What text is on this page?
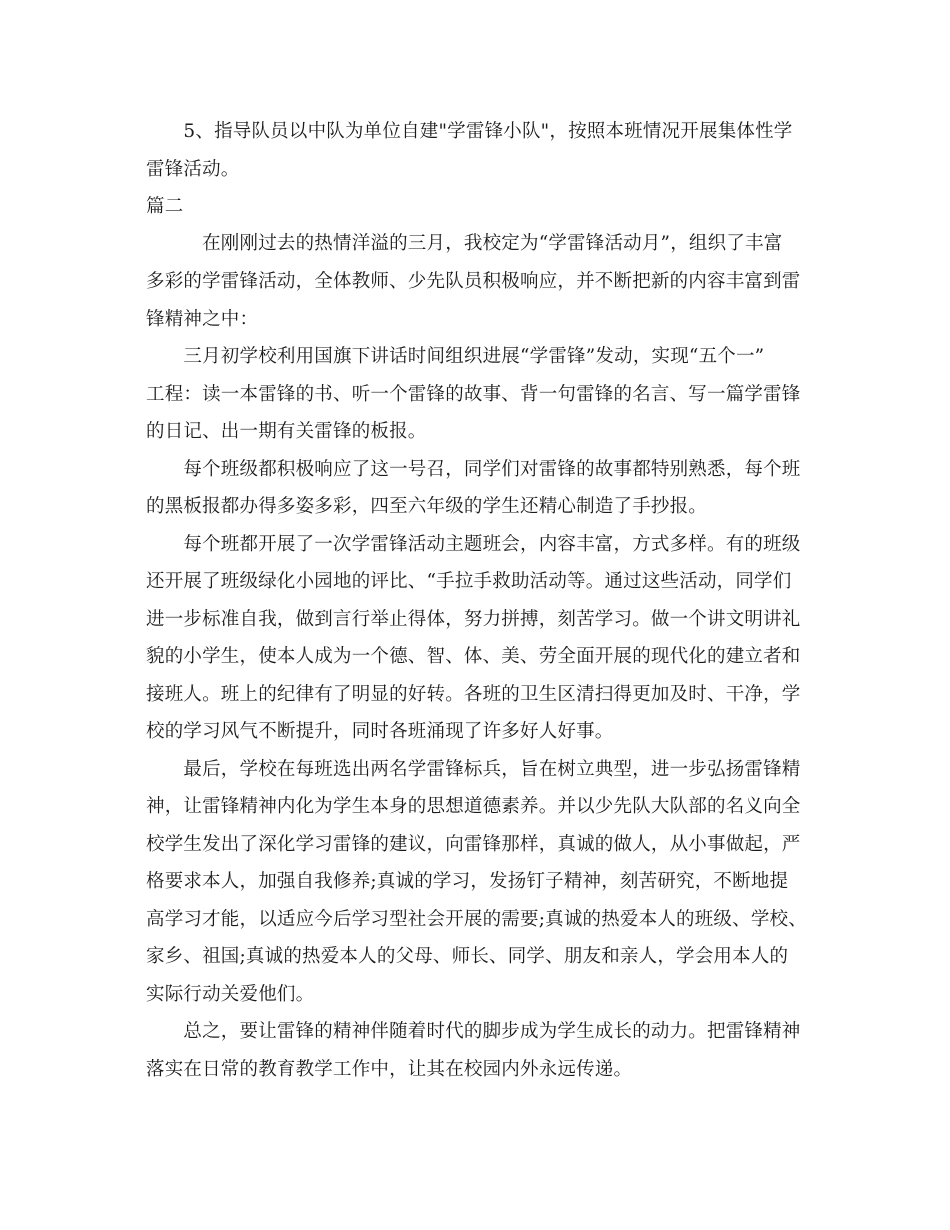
　　5、指导队员以中队为单位自建"学雷锋小队"，按照本班情况开展集体性学
雷锋活动。
篇二
　　　在刚刚过去的热情洋溢的三月，我校定为“学雷锋活动月”，组织了丰富
多彩的学雷锋活动，全体教师、少先队员积极响应，并不断把新的内容丰富到雷
锋精神之中：
　　三月初学校利用国旗下讲话时间组织进展“学雷锋”发动，实现“五个一”
工程：读一本雷锋的书、听一个雷锋的故事、背一句雷锋的名言、写一篇学雷锋
的日记、出一期有关雷锋的板报。
　　每个班级都积极响应了这一号召，同学们对雷锋的故事都特别熟悉，每个班
的黑板报都办得多姿多彩，四至六年级的学生还精心制造了手抄报。
　　每个班都开展了一次学雷锋活动主题班会，内容丰富，方式多样。有的班级
还开展了班级绿化小园地的评比、“手拉手救助活动等。通过这些活动，同学们
进一步标准自我，做到言行举止得体，努力拼搏，刻苦学习。做一个讲文明讲礼
貌的小学生，使本人成为一个德、智、体、美、劳全面开展的现代化的建立者和
接班人。班上的纪律有了明显的好转。各班的卫生区清扫得更加及时、干净，学
校的学习风气不断提升，同时各班涌现了许多好人好事。
　　最后，学校在每班选出两名学雷锋标兵，旨在树立典型，进一步弘扬雷锋精
神，让雷锋精神内化为学生本身的思想道德素养。并以少先队大队部的名义向全
校学生发出了深化学习雷锋的建议，向雷锋那样，真诚的做人，从小事做起，严
格要求本人，加强自我修养;真诚的学习，发扬钉子精神，刻苦研究，不断地提
高学习才能，以适应今后学习型社会开展的需要;真诚的热爱本人的班级、学校、
家乡、祖国;真诚的热爱本人的父母、师长、同学、朋友和亲人，学会用本人的
实际行动关爱他们。
　　总之，要让雷锋的精神伴随着时代的脚步成为学生成长的动力。把雷锋精神
落实在日常的教育教学工作中，让其在校园内外永远传递。
